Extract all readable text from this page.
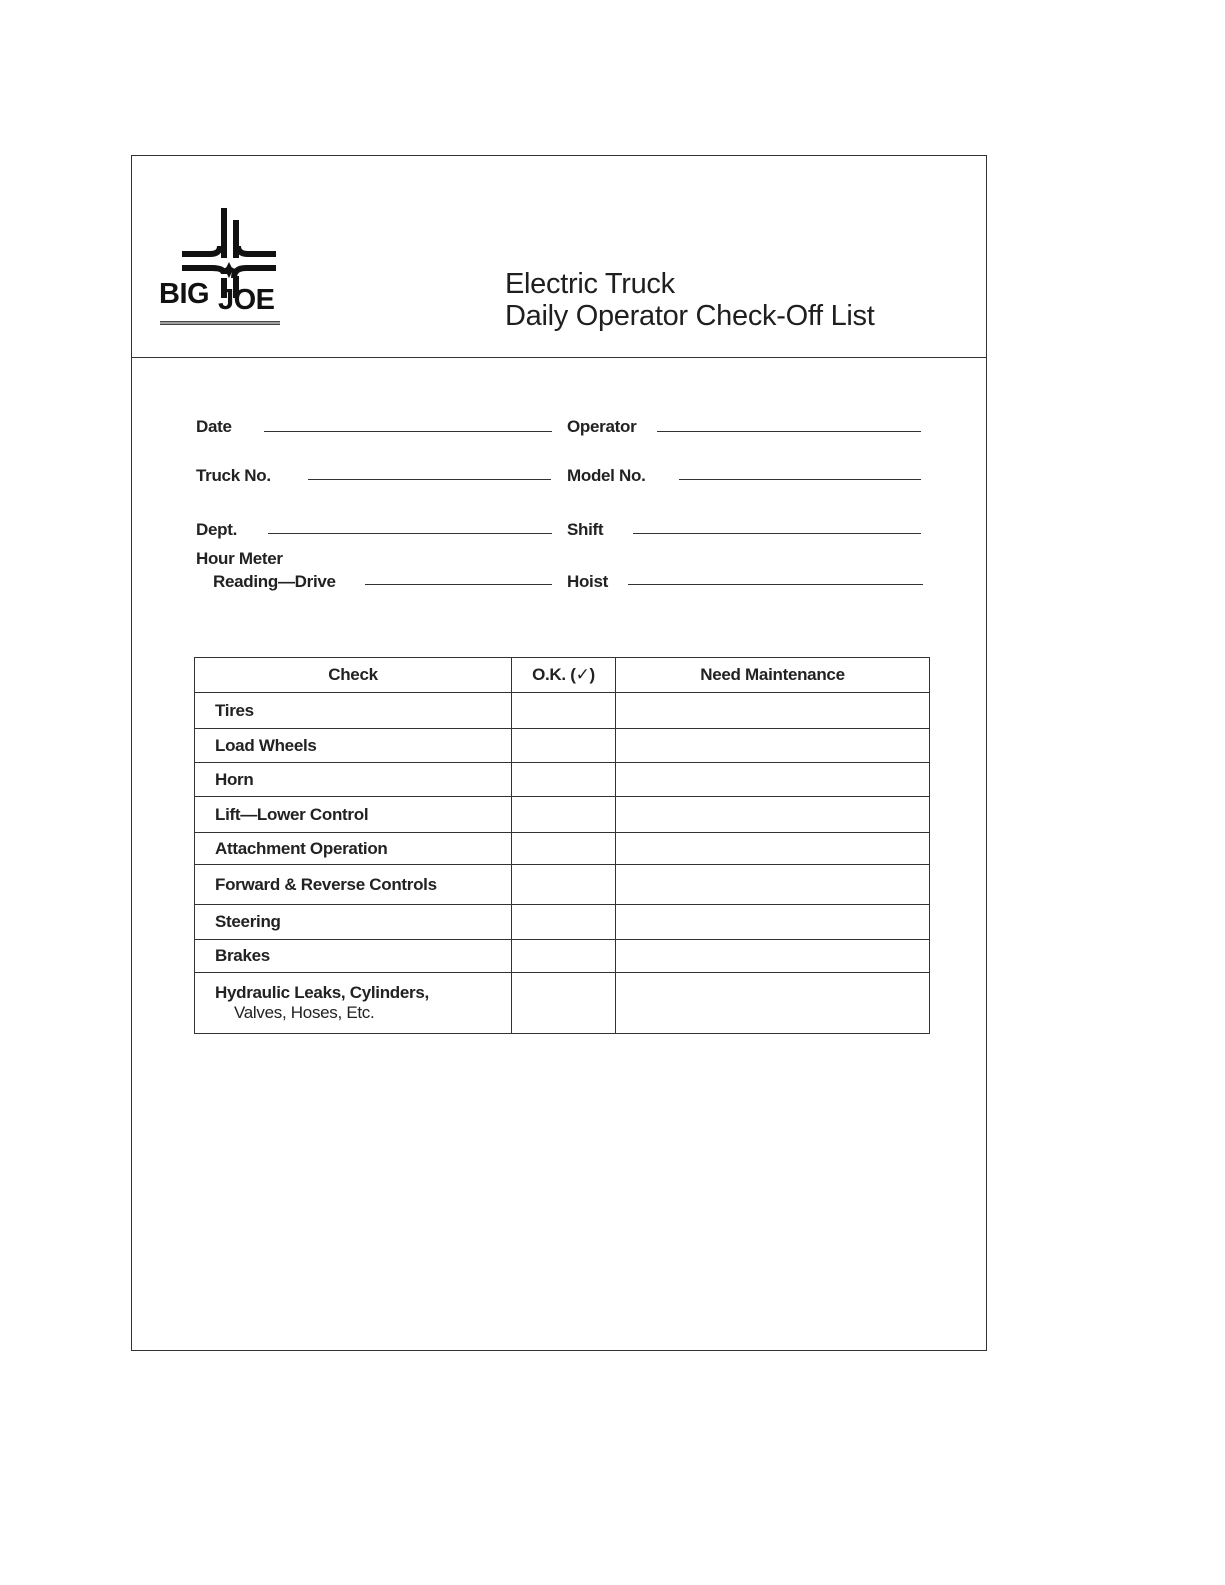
BIG JOE	Electric Truck
Daily Operator Check-Off List
Date	Operator
Truck No.	Model No.
Dept.	Shift
Hour Meter
Reading—Drive	Hoist
Check	O.K. (✓)	Need Maintenance
Tires		
Load Wheels		
Horn		
Lift—Lower Control		
Attachment Operation		
Forward & Reverse Controls		
Steering		
Brakes		
Hydraulic Leaks, Cylinders,
Valves, Hoses, Etc.		
